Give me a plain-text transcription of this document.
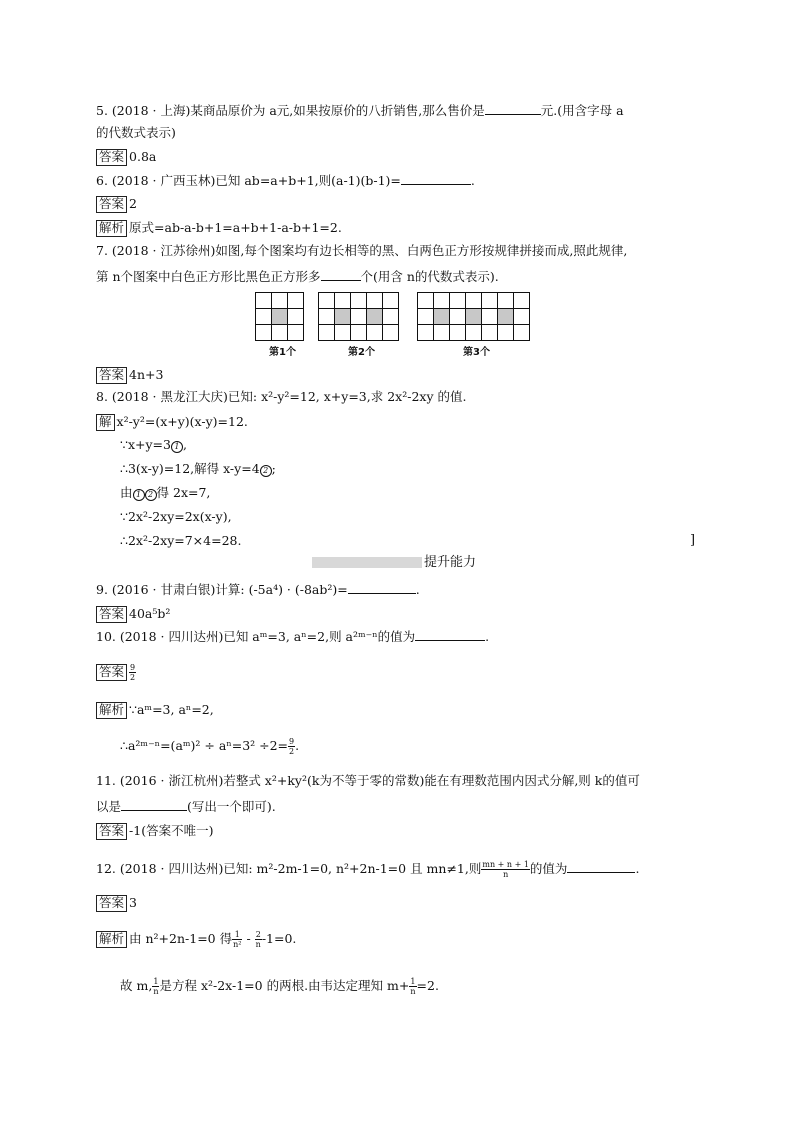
5. (2018 · 上海)某商品原价为 a元,如果按原价的八折销售,那么售价是	元.(用含字母 a
的代数式表示)
答案 0.8a
6. (2018 · 广西玉林)已知 ab=a+b+1,则(a-1)(b-1)=	.
答案 2
解析 原式=ab-a-b+1=a+b+1-a-b+1=2.
7. (2018 · 江苏徐州)如图,每个图案均有边长相等的黑、白两色正方形按规律拼接而成,照此规律,
第 n个图案中白色正方形比黑色正方形多	个(用含 n的代数式表示).
第1个	第2个	第3个
答案 4n+3
8. (2018 · 黑龙江大庆)已知: x²-y²=12, x+y=3,求 2x²-2xy 的值.
解 x²-y²=(x+y)(x-y)=12.
∵x+y=3 1 ,
∴3(x-y)=12,解得 x-y=4 2 ;
由 1 2 得 2x=7,
∵2x²-2xy=2x(x-y),
∴2x²-2xy=7×4=28.	]
提升能力
9. (2016 · 甘肃白银)计算: (-5a⁴) · (-8ab²)=	.
答案 40a⁵b²
10. (2018 · 四川达州)已知 aᵐ=3, aⁿ=2,则 a²ᵐ⁻ⁿ的值为	.
答案 $\frac{9}{2}$
解析 ∵aᵐ=3, aⁿ=2,
∴a²ᵐ⁻ⁿ=(aᵐ)² ÷ $a^n=3^2 \div 2= \frac{9}{2}$ .
11. (2016 · 浙江杭州)若整式 x²+ky²(k为不等于零的常数)能在有理数范围内因式分解,则 k的值可
以是	(写出一个即可).
答案 -1(答案不唯一)
12. (2018 · 四川达州)已知: m²-2m-1=0, n²+2n-1=0 且 mn≠1,则 $\frac{mn + n + 1}{n}$ 的值为	.
答案 3
解析 由 n²+2n-1=0 得 $\frac{1}{\text{n²}} - \frac{2}{n} -1=0$.
故 m, $\frac{1}{n}$ 是方程 x²-2x-1=0 的两根.由韦达定理知 $m+ \frac{1}{n} =2$.
